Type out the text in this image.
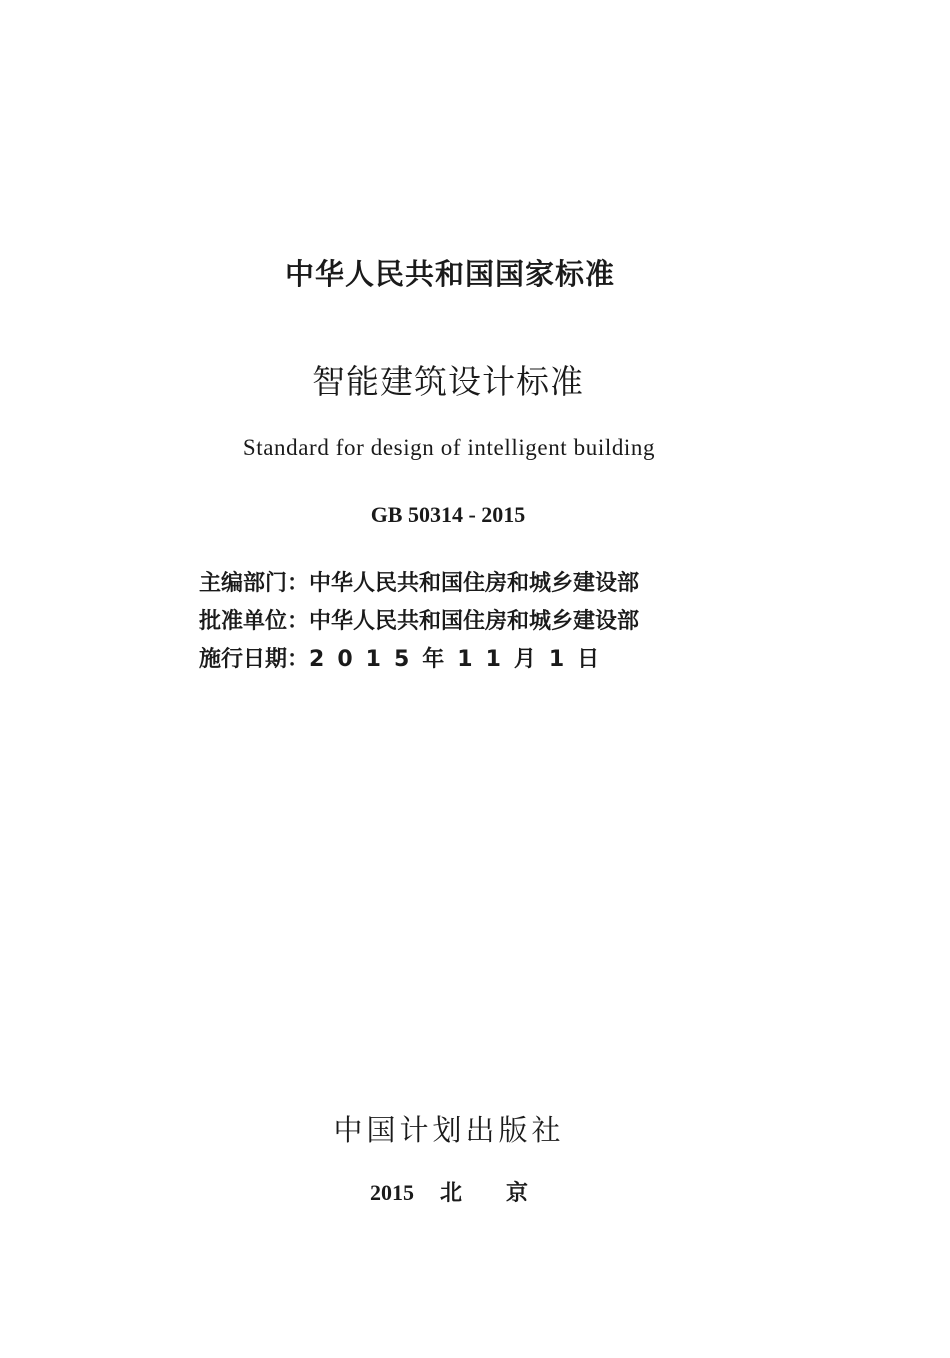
中华人民共和国国家标准
智能建筑设计标准
Standard for design of intelligent building
GB 50314 - 2015
主编部门：中华人民共和国住房和城乡建设部
批准单位：中华人民共和国住房和城乡建设部
施行日期：2015年11月1日
中国计划出版社
2015 北 京
